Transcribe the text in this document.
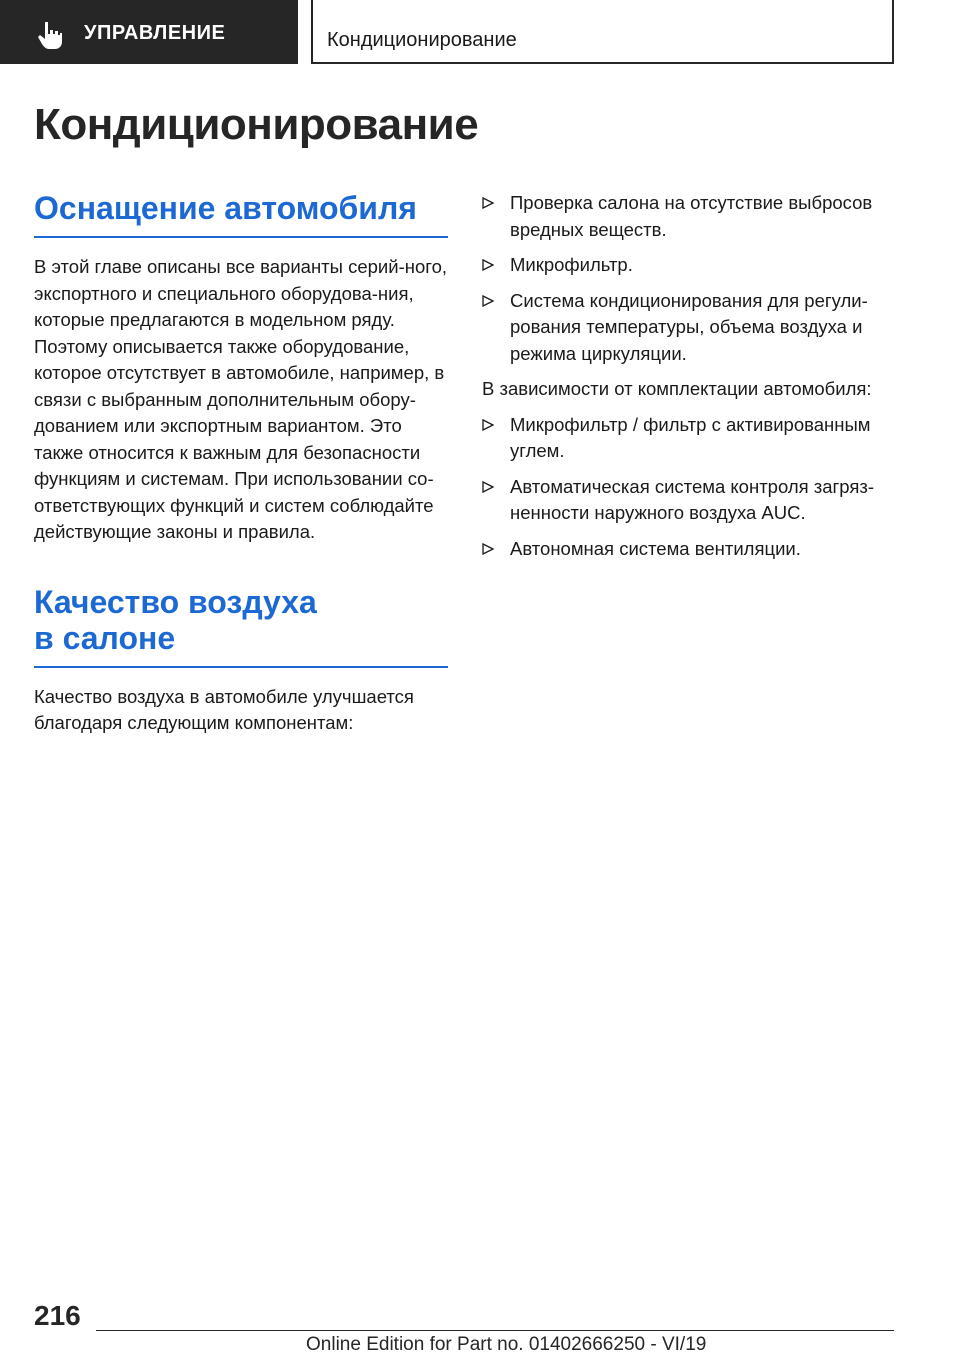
УПРАВЛЕНИЕ	Кондиционирование
Кондиционирование
Оснащение автомобиля

В этой главе описаны все варианты серий-ного, экспортного и специального оборудова-ния, которые предлагаются в модельном ряду. Поэтому описывается также оборудование, которое отсутствует в автомобиле, например, в связи с выбранным дополнительным обору-дованием или экспортным вариантом. Это также относится к важным для безопасности функциям и системам. При использовании со-ответствующих функций и систем соблюдайте действующие законы и правила.

Качество воздуха в салоне

Качество воздуха в автомобиле улучшается благодаря следующим компонентам:

Проверка салона на отсутствие выбросов вредных веществ.
Микрофильтр.
Система кондиционирования для регули-рования температуры, объема воздуха и режима циркуляции.

В зависимости от комплектации автомобиля:

Микрофильтр / фильтр с активированным углем.
Автоматическая система контроля загряз-ненности наружного воздуха AUC.
Автономная система вентиляции.
216
Online Edition for Part no. 01402666250 - VI/19
